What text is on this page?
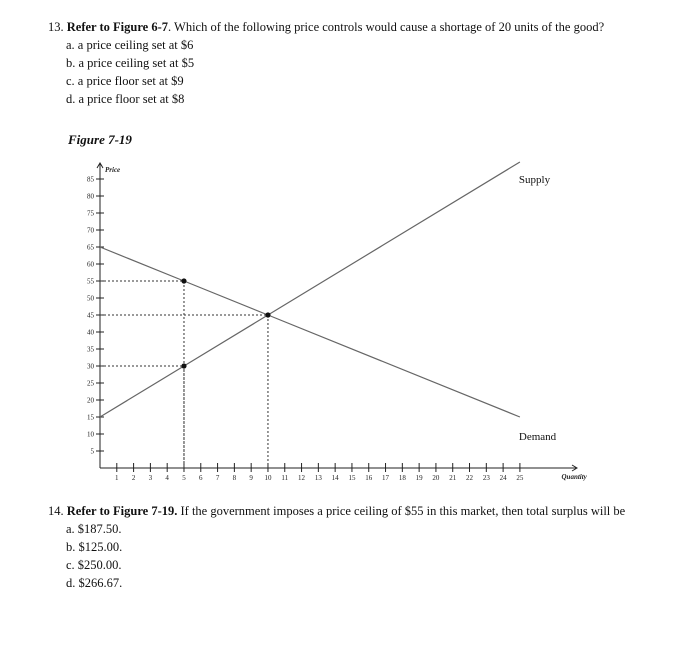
13. Refer to Figure 6-7. Which of the following price controls would cause a shortage of 20 units of the good?
a. a price ceiling set at $6
b. a price ceiling set at $5
c. a price floor set at $9
d. a price floor set at $8
Figure 7-19
5
10
15
20
25
30
35
40
45
50
55
60
65
70
75
80
85
1 2 3 4 5 6 7 8 9 10 11 12 13 14 15 16 17 18 19 20 21 22 23 24 25
Price
Quantity
Supply
Demand
14. Refer to Figure 7-19. If the government imposes a price ceiling of $55 in this market, then total surplus will be
a. $187.50.
b. $125.00.
c. $250.00.
d. $266.67.
